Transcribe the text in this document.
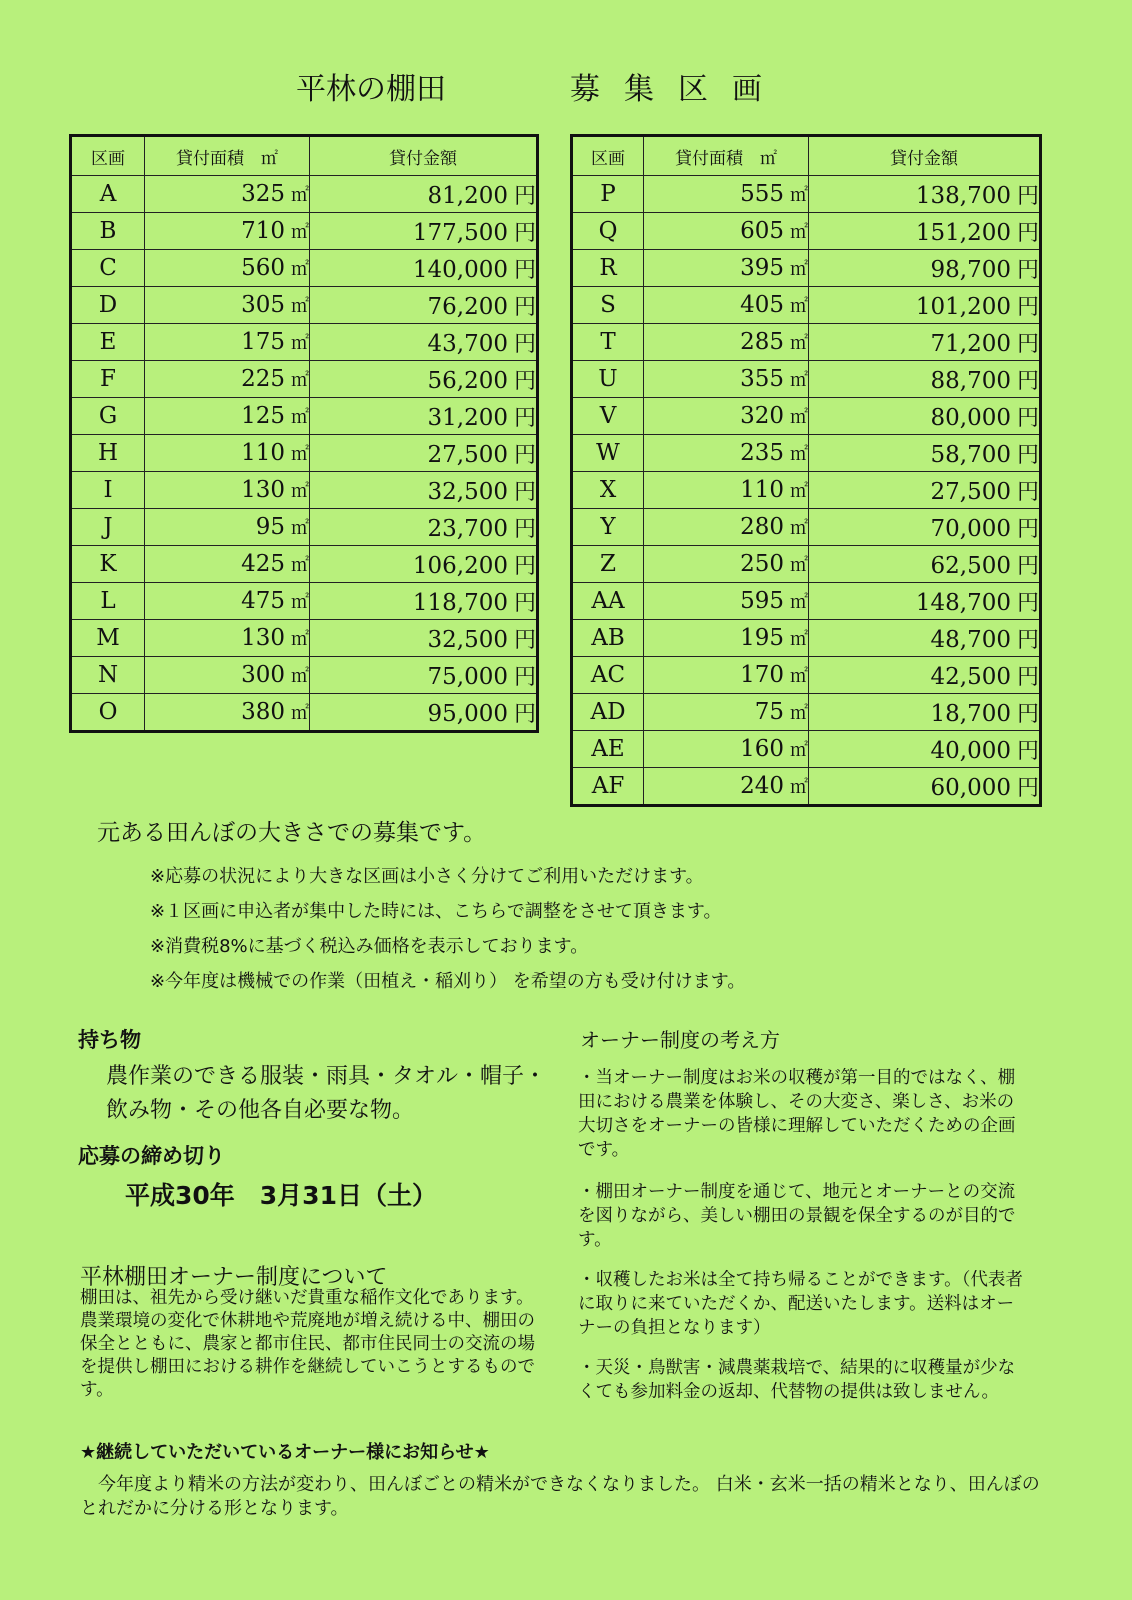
平林の棚田	募集区画
区画	貸付面積　㎡	貸付金額
A	325 ㎡	81,200 円
B	710 ㎡	177,500 円
C	560 ㎡	140,000 円
D	305 ㎡	76,200 円
E	175 ㎡	43,700 円
F	225 ㎡	56,200 円
G	125 ㎡	31,200 円
H	110 ㎡	27,500 円
I	130 ㎡	32,500 円
J	95 ㎡	23,700 円
K	425 ㎡	106,200 円
L	475 ㎡	118,700 円
M	130 ㎡	32,500 円
N	300 ㎡	75,000 円
O	380 ㎡	95,000 円
区画	貸付面積　㎡	貸付金額
P	555 ㎡	138,700 円
Q	605 ㎡	151,200 円
R	395 ㎡	98,700 円
S	405 ㎡	101,200 円
T	285 ㎡	71,200 円
U	355 ㎡	88,700 円
V	320 ㎡	80,000 円
W	235 ㎡	58,700 円
X	110 ㎡	27,500 円
Y	280 ㎡	70,000 円
Z	250 ㎡	62,500 円
AA	595 ㎡	148,700 円
AB	195 ㎡	48,700 円
AC	170 ㎡	42,500 円
AD	75 ㎡	18,700 円
AE	160 ㎡	40,000 円
AF	240 ㎡	60,000 円
元ある田んぼの大きさでの募集です。
※応募の状況により大きな区画は小さく分けてご利用いただけます。
※１区画に申込者が集中した時には、こちらで調整をさせて頂きます。
※消費税8%に基づく税込み価格を表示しております。
※今年度は機械での作業（田植え・稲刈り） を希望の方も受け付けます。
持ち物
農作業のできる服装・雨具・タオル・帽子・飲み物・その他各自必要な物。
応募の締め切り
平成30年　3月31日（土）
平林棚田オーナー制度について
棚田は、祖先から受け継いだ貴重な稲作文化であります。農業環境の変化で休耕地や荒廃地が増え続ける中、棚田の保全とともに、農家と都市住民、都市住民同士の交流の場を提供し棚田における耕作を継続していこうとするものです。
オーナー制度の考え方
・当オーナー制度はお米の収穫が第一目的ではなく、棚田における農業を体験し、その大変さ、楽しさ、お米の大切さをオーナーの皆様に理解していただくための企画です。
・棚田オーナー制度を通じて、地元とオーナーとの交流を図りながら、美しい棚田の景観を保全するのが目的です。
・収穫したお米は全て持ち帰ることができます。（代表者に取りに来ていただくか、配送いたします。送料はオーナーの負担となります）
・天災・鳥獣害・減農薬栽培で、結果的に収穫量が少なくても参加料金の返却、代替物の提供は致しません。
★継続していただいているオーナー様にお知らせ★
今年度より精米の方法が変わり、田んぼごとの精米ができなくなりました。 白米・玄米一括の精米となり、田んぼのとれだかに分ける形となります。
